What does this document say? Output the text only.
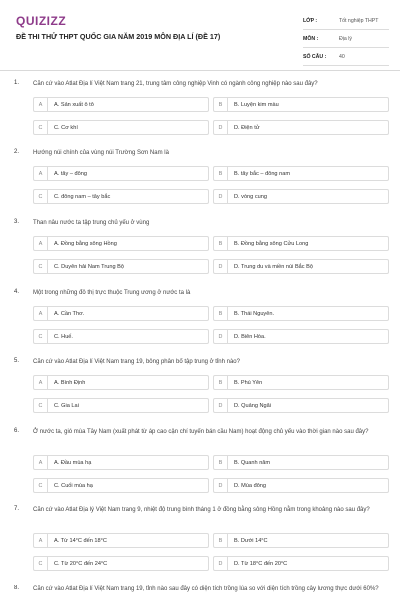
QUIZIZZ
ĐỀ THI THỬ THPT QUỐC GIA NĂM 2019 MÔN ĐỊA LÍ (ĐỀ 17)
LỚP :	Tốt nghiệp THPT
MÔN :	Địa lý
SỐ CÂU :	40
1. Căn cứ vào Atlat Địa lí Việt Nam trang 21, trung tâm công nghiệp Vinh có ngành công nghiệp nào sau đây?
A	A. Sản xuất ô tô	B	B. Luyện kim màu
C	C. Cơ khí	D	D. Điện tử
2. Hướng núi chính của vùng núi Trường Sơn Nam là
A	A. tây – đông	B	B. tây bắc – đông nam
C	C. đông nam – tây bắc	D	D. vòng cung
3. Than nâu nước ta tập trung chủ yếu ở vùng
A	A. Đồng bằng sông Hồng	B	B. Đồng bằng sông Cửu Long
C	C. Duyên hải Nam Trung Bộ	D	D. Trung du và miền núi Bắc Bộ
4. Một trong những đô thị trực thuộc Trung ương ở nước ta là
A	A. Cần Thơ.	B	B. Thái Nguyên.
C	C. Huế.	D	D. Biên Hòa.
5. Căn cứ vào Atlat Địa lí Việt Nam trang 19, bông phân bố tập trung ở tỉnh nào?
A	A. Bình Định	B	B. Phú Yên
C	C. Gia Lai	D	D. Quảng Ngãi
6. Ở nước ta, gió mùa Tây Nam (xuất phát từ áp cao cận chí tuyến bán cầu Nam) hoạt động chủ yếu vào thời gian nào sau đây?
A	A. Đầu mùa hạ	B	B. Quanh năm
C	C. Cuối mùa hạ	D	D. Mùa đông
7. Căn cứ vào Atlat Địa lý Việt Nam trang 9, nhiệt độ trung bình tháng 1 ở đồng bằng sông Hồng nằm trong khoảng nào sau đây?
A	A. Từ 14°C đến 18°C	B	B. Dưới 14°C
C	C. Từ 20°C đến 24°C	D	D. Từ 18°C đến 20°C
8. Căn cứ vào Atlat Địa lí Việt Nam trang 19, tỉnh nào sau đây có diện tích trồng lúa so với diện tích trồng cây lương thực dưới 60%?
